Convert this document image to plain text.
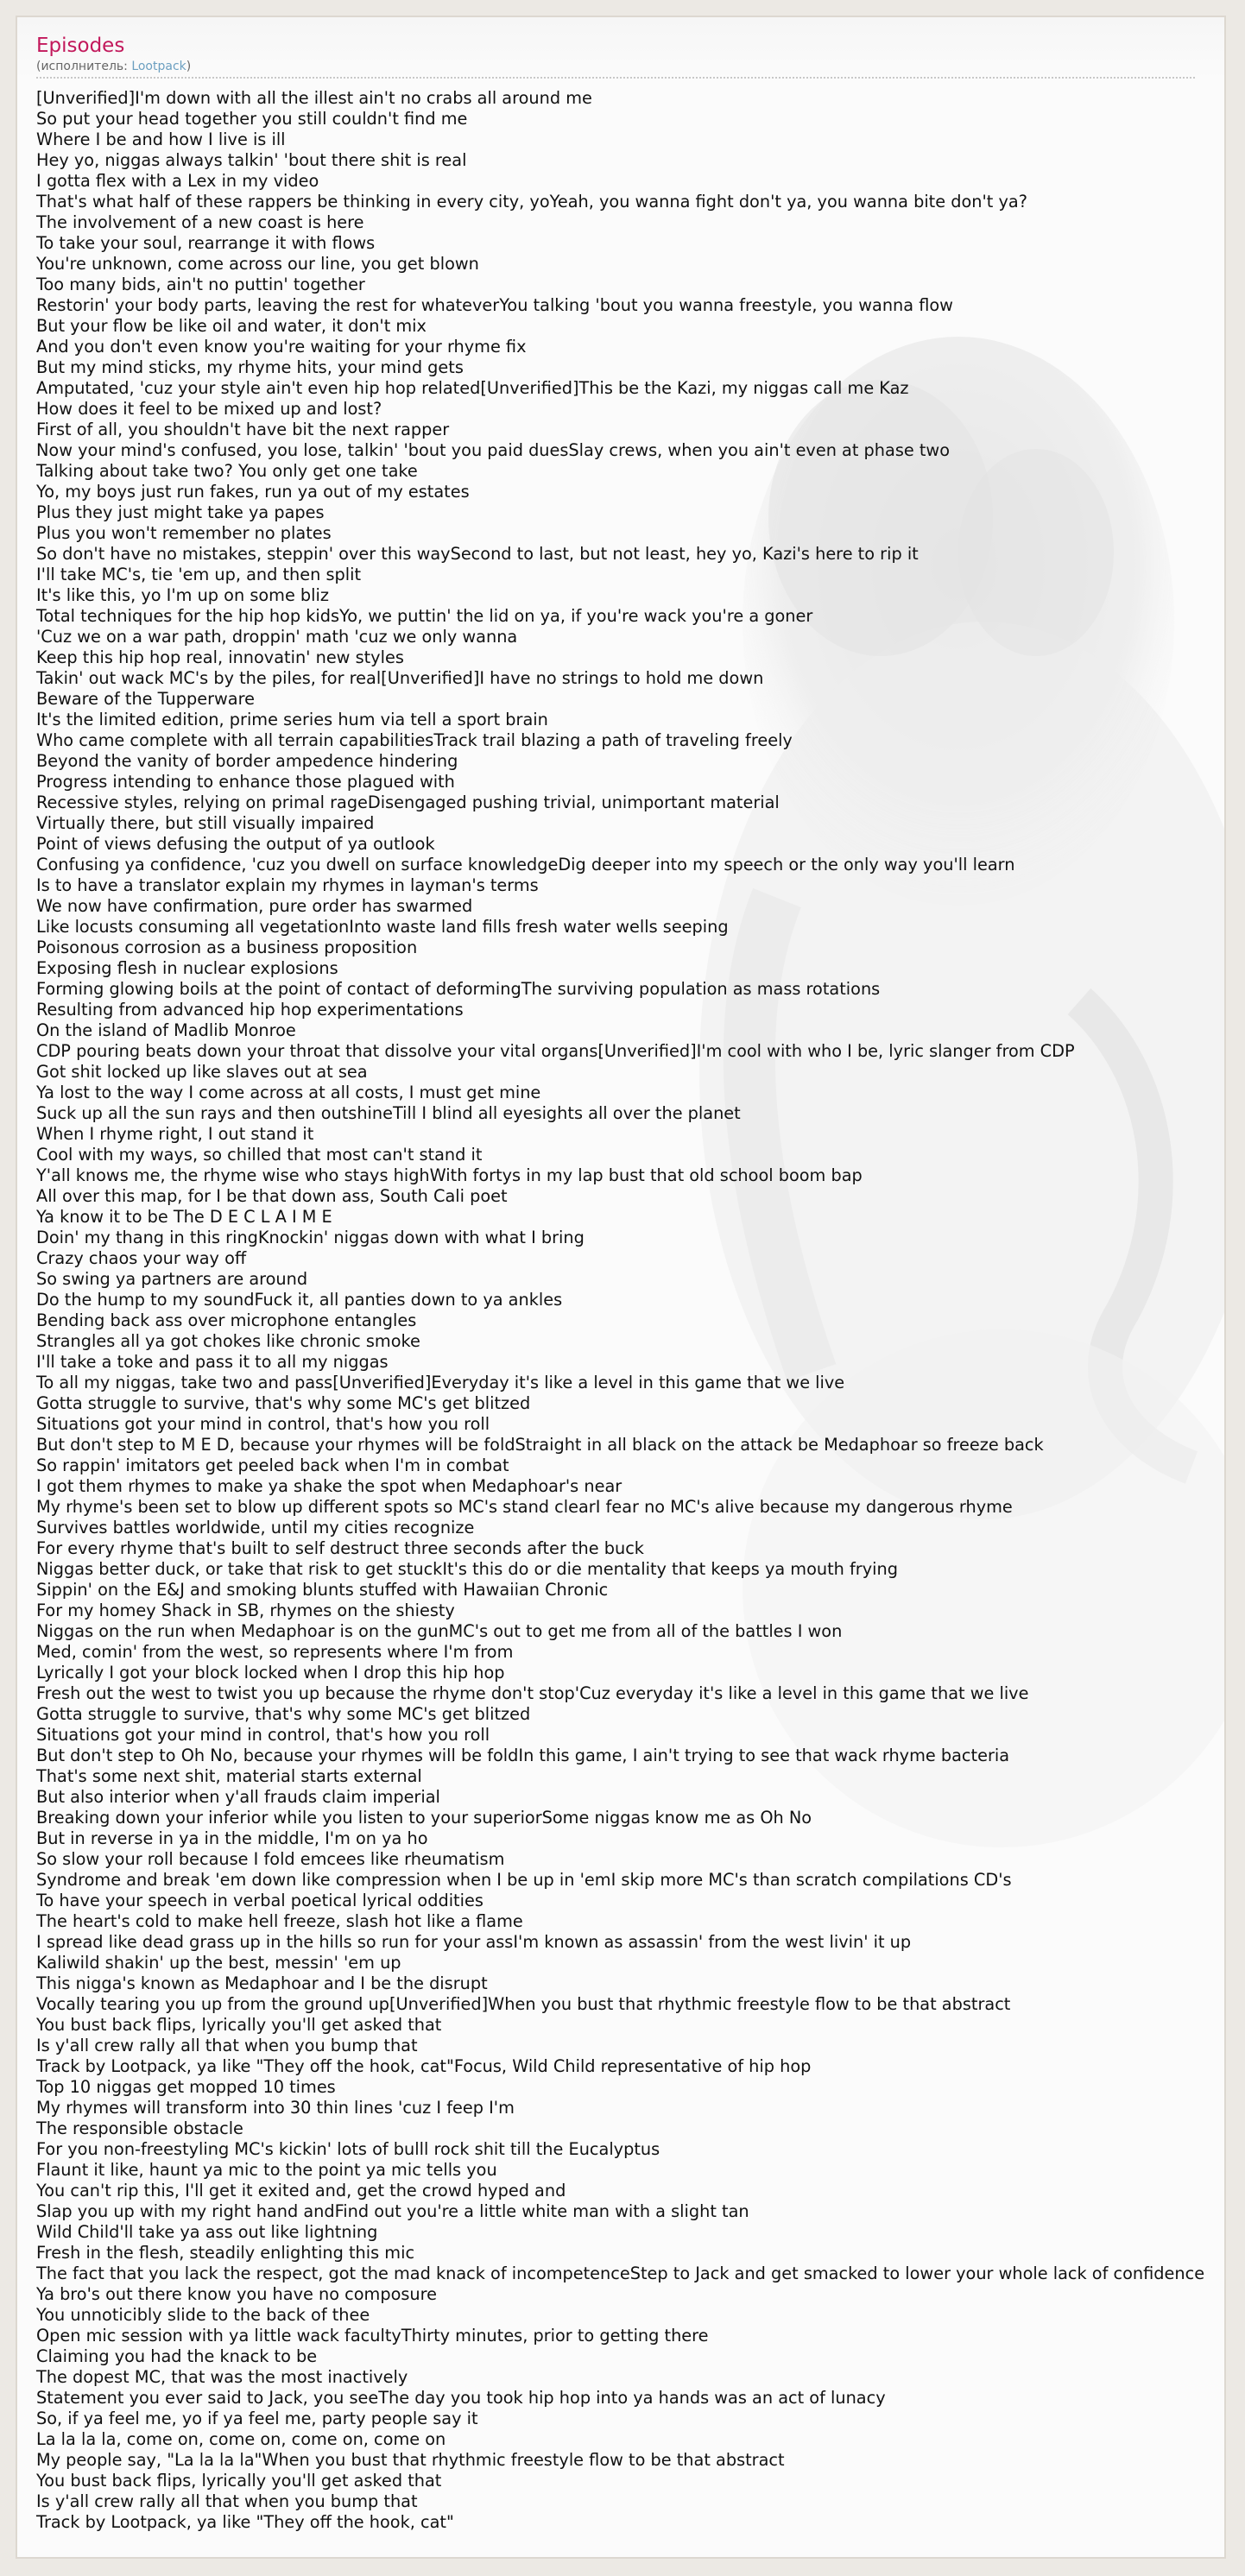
Episodes
(исполнитель: Lootpack)
[Unverified]I'm down with all the illest ain't no crabs all around me
So put your head together you still couldn't find me
Where I be and how I live is ill
Hey yo, niggas always talkin' 'bout there shit is real
I gotta flex with a Lex in my video
That's what half of these rappers be thinking in every city, yoYeah, you wanna fight don't ya, you wanna bite don't ya?
The involvement of a new coast is here
To take your soul, rearrange it with flows
You're unknown, come across our line, you get blown
Too many bids, ain't no puttin' together
Restorin' your body parts, leaving the rest for whateverYou talking 'bout you wanna freestyle, you wanna flow
But your flow be like oil and water, it don't mix
And you don't even know you're waiting for your rhyme fix
But my mind sticks, my rhyme hits, your mind gets
Amputated, 'cuz your style ain't even hip hop related[Unverified]This be the Kazi, my niggas call me Kaz
How does it feel to be mixed up and lost?
First of all, you shouldn't have bit the next rapper
Now your mind's confused, you lose, talkin' 'bout you paid duesSlay crews, when you ain't even at phase two
Talking about take two? You only get one take
Yo, my boys just run fakes, run ya out of my estates
Plus they just might take ya papes
Plus you won't remember no plates
So don't have no mistakes, steppin' over this waySecond to last, but not least, hey yo, Kazi's here to rip it
I'll take MC's, tie 'em up, and then split
It's like this, yo I'm up on some bliz
Total techniques for the hip hop kidsYo, we puttin' the lid on ya, if you're wack you're a goner
'Cuz we on a war path, droppin' math 'cuz we only wanna
Keep this hip hop real, innovatin' new styles
Takin' out wack MC's by the piles, for real[Unverified]I have no strings to hold me down
Beware of the Tupperware
It's the limited edition, prime series hum via tell a sport brain
Who came complete with all terrain capabilitiesTrack trail blazing a path of traveling freely
Beyond the vanity of border ampedence hindering
Progress intending to enhance those plagued with
Recessive styles, relying on primal rageDisengaged pushing trivial, unimportant material
Virtually there, but still visually impaired
Point of views defusing the output of ya outlook
Confusing ya confidence, 'cuz you dwell on surface knowledgeDig deeper into my speech or the only way you'll learn
Is to have a translator explain my rhymes in layman's terms
We now have confirmation, pure order has swarmed
Like locusts consuming all vegetationInto waste land fills fresh water wells seeping
Poisonous corrosion as a business proposition
Exposing flesh in nuclear explosions
Forming glowing boils at the point of contact of deformingThe surviving population as mass rotations
Resulting from advanced hip hop experimentations
On the island of Madlib Monroe
CDP pouring beats down your throat that dissolve your vital organs[Unverified]I'm cool with who I be, lyric slanger from CDP
Got shit locked up like slaves out at sea
Ya lost to the way I come across at all costs, I must get mine
Suck up all the sun rays and then outshineTill I blind all eyesights all over the planet
When I rhyme right, I out stand it
Cool with my ways, so chilled that most can't stand it
Y'all knows me, the rhyme wise who stays highWith fortys in my lap bust that old school boom bap
All over this map, for I be that down ass, South Cali poet
Ya know it to be The D E C L A I M E
Doin' my thang in this ringKnockin' niggas down with what I bring
Crazy chaos your way off
So swing ya partners are around
Do the hump to my soundFuck it, all panties down to ya ankles
Bending back ass over microphone entangles
Strangles all ya got chokes like chronic smoke
I'll take a toke and pass it to all my niggas
To all my niggas, take two and pass[Unverified]Everyday it's like a level in this game that we live
Gotta struggle to survive, that's why some MC's get blitzed
Situations got your mind in control, that's how you roll
But don't step to M E D, because your rhymes will be foldStraight in all black on the attack be Medaphoar so freeze back
So rappin' imitators get peeled back when I'm in combat
I got them rhymes to make ya shake the spot when Medaphoar's near
My rhyme's been set to blow up different spots so MC's stand clearI fear no MC's alive because my dangerous rhyme
Survives battles worldwide, until my cities recognize
For every rhyme that's built to self destruct three seconds after the buck
Niggas better duck, or take that risk to get stuckIt's this do or die mentality that keeps ya mouth frying
Sippin' on the E&J and smoking blunts stuffed with Hawaiian Chronic
For my homey Shack in SB, rhymes on the shiesty
Niggas on the run when Medaphoar is on the gunMC's out to get me from all of the battles I won
Med, comin' from the west, so represents where I'm from
Lyrically I got your block locked when I drop this hip hop
Fresh out the west to twist you up because the rhyme don't stop'Cuz everyday it's like a level in this game that we live
Gotta struggle to survive, that's why some MC's get blitzed
Situations got your mind in control, that's how you roll
But don't step to Oh No, because your rhymes will be foldIn this game, I ain't trying to see that wack rhyme bacteria
That's some next shit, material starts external
But also interior when y'all frauds claim imperial
Breaking down your inferior while you listen to your superiorSome niggas know me as Oh No
But in reverse in ya in the middle, I'm on ya ho
So slow your roll because I fold emcees like rheumatism
Syndrome and break 'em down like compression when I be up in 'emI skip more MC's than scratch compilations CD's
To have your speech in verbal poetical lyrical oddities
The heart's cold to make hell freeze, slash hot like a flame
I spread like dead grass up in the hills so run for your assI'm known as assassin' from the west livin' it up
Kaliwild shakin' up the best, messin' 'em up
This nigga's known as Medaphoar and I be the disrupt
Vocally tearing you up from the ground up[Unverified]When you bust that rhythmic freestyle flow to be that abstract
You bust back flips, lyrically you'll get asked that
Is y'all crew rally all that when you bump that
Track by Lootpack, ya like "They off the hook, cat"Focus, Wild Child representative of hip hop
Top 10 niggas get mopped 10 times
My rhymes will transform into 30 thin lines 'cuz I feep I'm
The responsible obstacle
For you non-freestyling MC's kickin' lots of bulll rock shit till the Eucalyptus
Flaunt it like, haunt ya mic to the point ya mic tells you
You can't rip this, I'll get it exited and, get the crowd hyped and
Slap you up with my right hand andFind out you're a little white man with a slight tan
Wild Child'll take ya ass out like lightning
Fresh in the flesh, steadily enlighting this mic
The fact that you lack the respect, got the mad knack of incompetenceStep to Jack and get smacked to lower your whole lack of confidence
Ya bro's out there know you have no composure
You unnoticibly slide to the back of thee
Open mic session with ya little wack facultyThirty minutes, prior to getting there
Claiming you had the knack to be
The dopest MC, that was the most inactively
Statement you ever said to Jack, you seeThe day you took hip hop into ya hands was an act of lunacy
So, if ya feel me, yo if ya feel me, party people say it
La la la la, come on, come on, come on, come on
My people say, "La la la la"When you bust that rhythmic freestyle flow to be that abstract
You bust back flips, lyrically you'll get asked that
Is y'all crew rally all that when you bump that
Track by Lootpack, ya like "They off the hook, cat"
